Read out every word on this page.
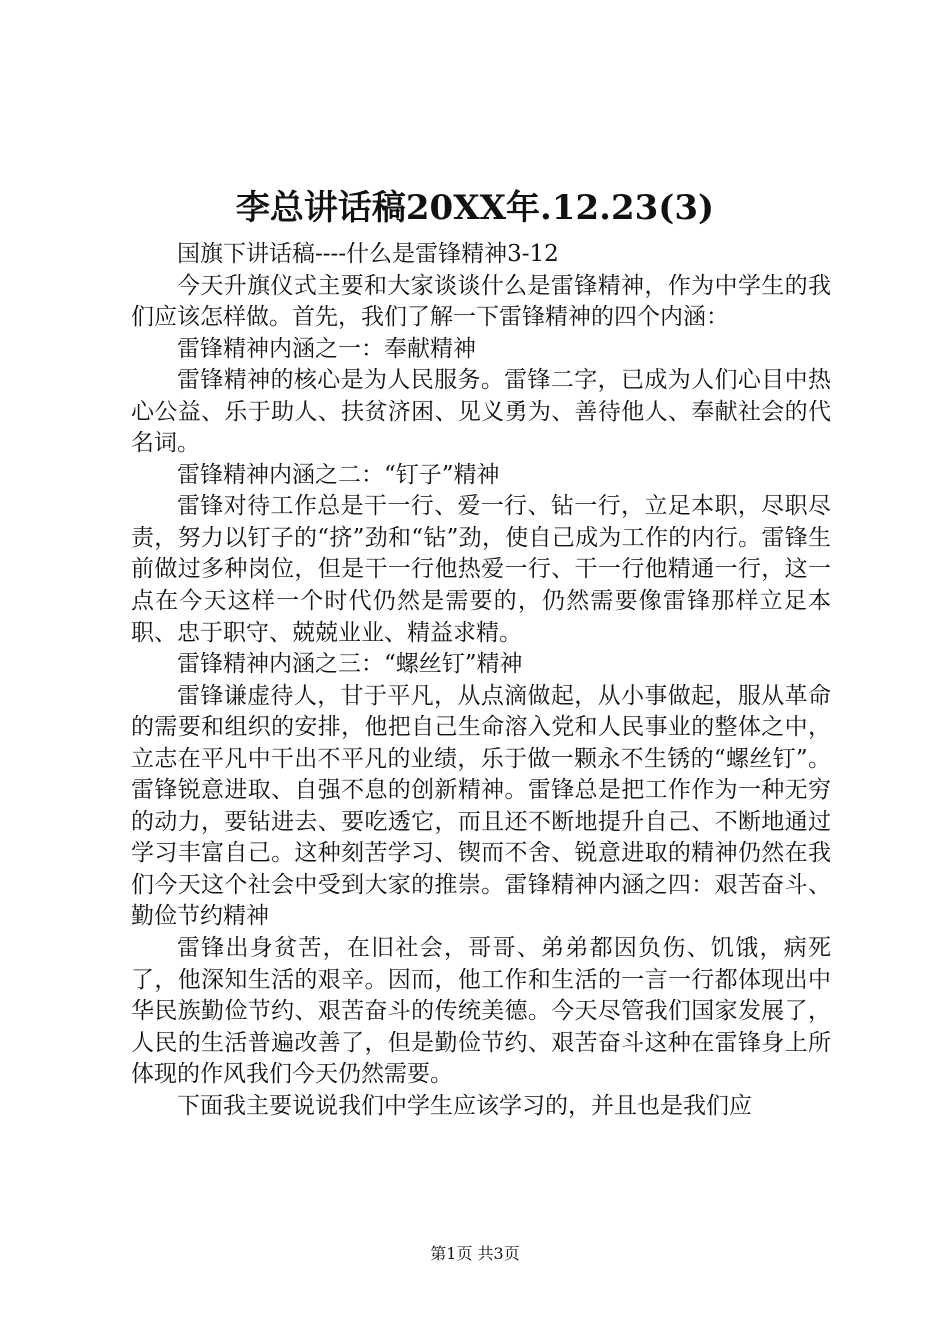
李总讲话稿20XX年.12.23(3)

国旗下讲话稿----什么是雷锋精神3-12

今天升旗仪式主要和大家谈谈什么是雷锋精神，作为中学生的我们应该怎样做。首先，我们了解一下雷锋精神的四个内涵：

雷锋精神内涵之一：奉献精神

雷锋精神的核心是为人民服务。雷锋二字，已成为人们心目中热心公益、乐于助人、扶贫济困、见义勇为、善待他人、奉献社会的代名词。

雷锋精神内涵之二：“钉子”精神

雷锋对待工作总是干一行、爱一行、钻一行，立足本职，尽职尽责，努力以钉子的“挤”劲和“钻”劲，使自己成为工作的内行。雷锋生前做过多种岗位，但是干一行他热爱一行、干一行他精通一行，这一点在今天这样一个时代仍然是需要的，仍然需要像雷锋那样立足本职、忠于职守、兢兢业业、精益求精。

雷锋精神内涵之三：“螺丝钉”精神

雷锋谦虚待人，甘于平凡，从点滴做起，从小事做起，服从革命的需要和组织的安排，他把自己生命溶入党和人民事业的整体之中，立志在平凡中干出不平凡的业绩，乐于做一颗永不生锈的“螺丝钉”。雷锋锐意进取、自强不息的创新精神。雷锋总是把工作作为一种无穷的动力，要钻进去、要吃透它，而且还不断地提升自己、不断地通过学习丰富自己。这种刻苦学习、锲而不舍、锐意进取的精神仍然在我们今天这个社会中受到大家的推崇。雷锋精神内涵之四：艰苦奋斗、勤俭节约精神

雷锋出身贫苦，在旧社会，哥哥、弟弟都因负伤、饥饿，病死了，他深知生活的艰辛。因而，他工作和生活的一言一行都体现出中华民族勤俭节约、艰苦奋斗的传统美德。今天尽管我们国家发展了，人民的生活普遍改善了，但是勤俭节约、艰苦奋斗这种在雷锋身上所体现的作风我们今天仍然需要。

下面我主要说说我们中学生应该学习的，并且也是我们应

第1页 共3页
